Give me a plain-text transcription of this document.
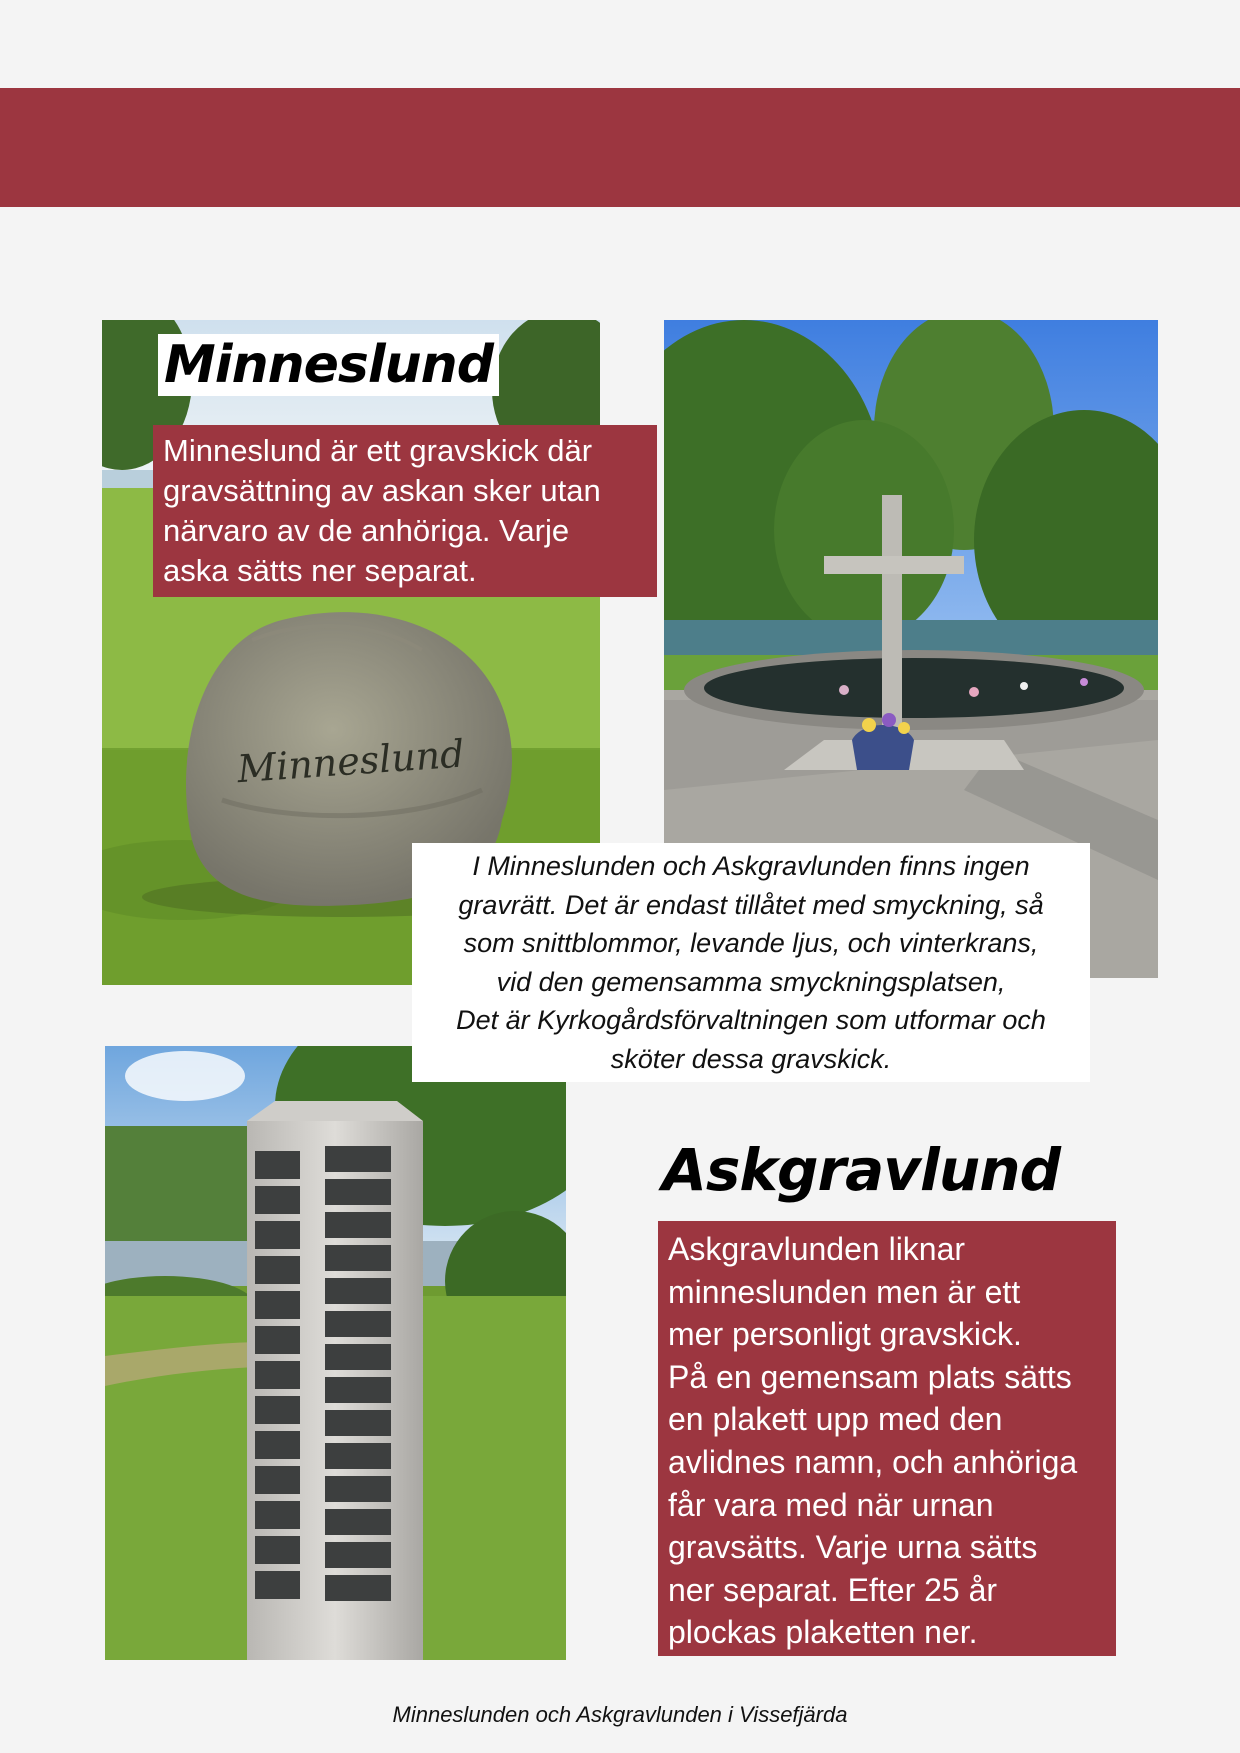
Minneslund
Minneslund
Minneslund är ett gravskick där
gravsättning av askan sker utan
närvaro av de anhöriga. Varje
aska sätts ner separat.
I Minneslunden och Askgravlunden finns ingen
gravrätt. Det är endast tillåtet med smyckning, så
som snittblommor, levande ljus, och vinterkrans,
vid den gemensamma smyckningsplatsen,
Det är Kyrkogårdsförvaltningen som utformar och
sköter dessa gravskick.
Askgravlund
Askgravlunden liknar
minneslunden men är ett
mer personligt gravskick.
På en gemensam plats sätts
en plakett upp med den
avlidnes namn, och anhöriga
får vara med när urnan
gravsätts. Varje urna sätts
ner separat. Efter 25 år
plockas plaketten ner.
Minneslunden och Askgravlunden i Vissefjärda
